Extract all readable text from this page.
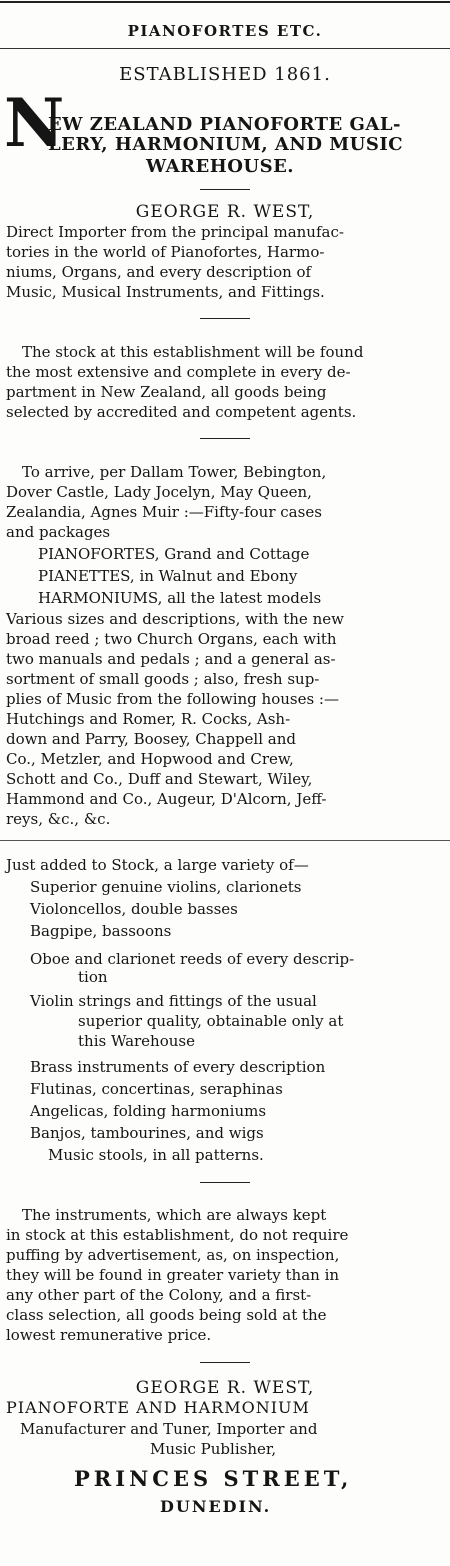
PIANOFORTES ETC.
ESTABLISHED 1861.
N
EW ZEALAND PIANOFORTE GAL-
LERY, HARMONIUM, AND MUSIC
WAREHOUSE.
GEORGE R. WEST,
Direct Importer from the principal manufac-
tories in the world of Pianofortes, Harmo-
niums, Organs, and every description of
Music, Musical Instruments, and Fittings.
The stock at this establishment will be found
the most extensive and complete in every de-
partment in New Zealand, all goods being
selected by accredited and competent agents.
To arrive, per Dallam Tower, Bebington,
Dover Castle, Lady Jocelyn, May Queen,
Zealandia, Agnes Muir :—Fifty-four cases
and packages
PIANOFORTES, Grand and Cottage
PIANETTES, in Walnut and Ebony
HARMONIUMS, all the latest models
Various sizes and descriptions, with the new
broad reed ; two Church Organs, each with
two manuals and pedals ; and a general as-
sortment of small goods ; also, fresh sup-
plies of Music from the following houses :—
Hutchings and Romer, R. Cocks, Ash-
down and Parry, Boosey, Chappell and
Co., Metzler, and Hopwood and Crew,
Schott and Co., Duff and Stewart, Wiley,
Hammond and Co., Augeur, D'Alcorn, Jeff-
reys, &c., &c.
Just added to Stock, a large variety of—
Superior genuine violins, clarionets
Violoncellos, double basses
Bagpipe, bassoons
Oboe and clarionet reeds of every descrip-
tion
Violin strings and fittings of the usual
superior quality, obtainable only at
this Warehouse
Brass instruments of every description
Flutinas, concertinas, seraphinas
Angelicas, folding harmoniums
Banjos, tambourines, and wigs
Music stools, in all patterns.
The instruments, which are always kept
in stock at this establishment, do not require
puffing by advertisement, as, on inspection,
they will be found in greater variety than in
any other part of the Colony, and a first-
class selection, all goods being sold at the
lowest remunerative price.
GEORGE R. WEST,
PIANOFORTE AND HARMONIUM
Manufacturer and Tuner, Importer and
Music Publisher,
PRINCES STREET,
DUNEDIN.
